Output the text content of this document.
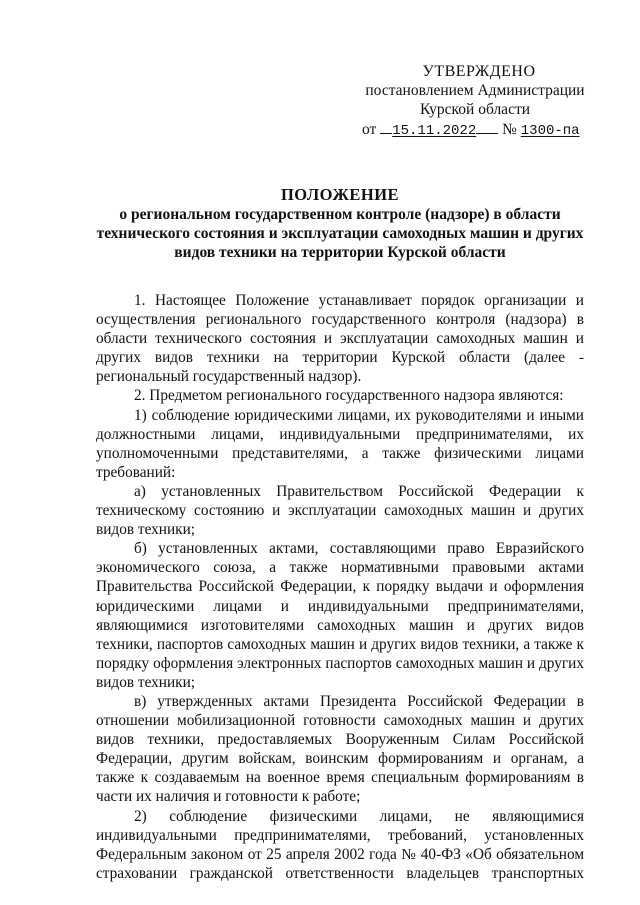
УТВЕРЖДЕНО
постановлением Администрации
Курской области
от 15.11.2022 № 1300-па
ПОЛОЖЕНИЕ
о региональном государственном контроле (надзоре) в области технического состояния и эксплуатации самоходных машин и других видов техники на территории Курской области

1. Настоящее Положение устанавливает порядок организации и осуществления регионального государственного контроля (надзора) в области технического состояния и эксплуатации самоходных машин и других видов техники на территории Курской области (далее - региональный государственный надзор).

2. Предметом регионального государственного надзора являются:

1) соблюдение юридическими лицами, их руководителями и иными должностными лицами, индивидуальными предпринимателями, их уполномоченными представителями, а также физическими лицами требований:

а) установленных Правительством Российской Федерации к техническому состоянию и эксплуатации самоходных машин и других видов техники;

б) установленных актами, составляющими право Евразийского экономического союза, а также нормативными правовыми актами Правительства Российской Федерации, к порядку выдачи и оформления юридическими лицами и индивидуальными предпринимателями, являющимися изготовителями самоходных машин и других видов техники, паспортов самоходных машин и других видов техники, а также к порядку оформления электронных паспортов самоходных машин и других видов техники;

в) утвержденных актами Президента Российской Федерации в отношении мобилизационной готовности самоходных машин и других видов техники, предоставляемых Вооруженным Силам Российской Федерации, другим войскам, воинским формированиям и органам, а также к создаваемым на военное время специальным формированиям в части их наличия и готовности к работе;

2) соблюдение физическими лицами, не являющимися индивидуальными предпринимателями, требований, установленных Федеральным законом от 25 апреля 2002 года № 40-ФЗ «Об обязательном страховании гражданской ответственности владельцев транспортных
